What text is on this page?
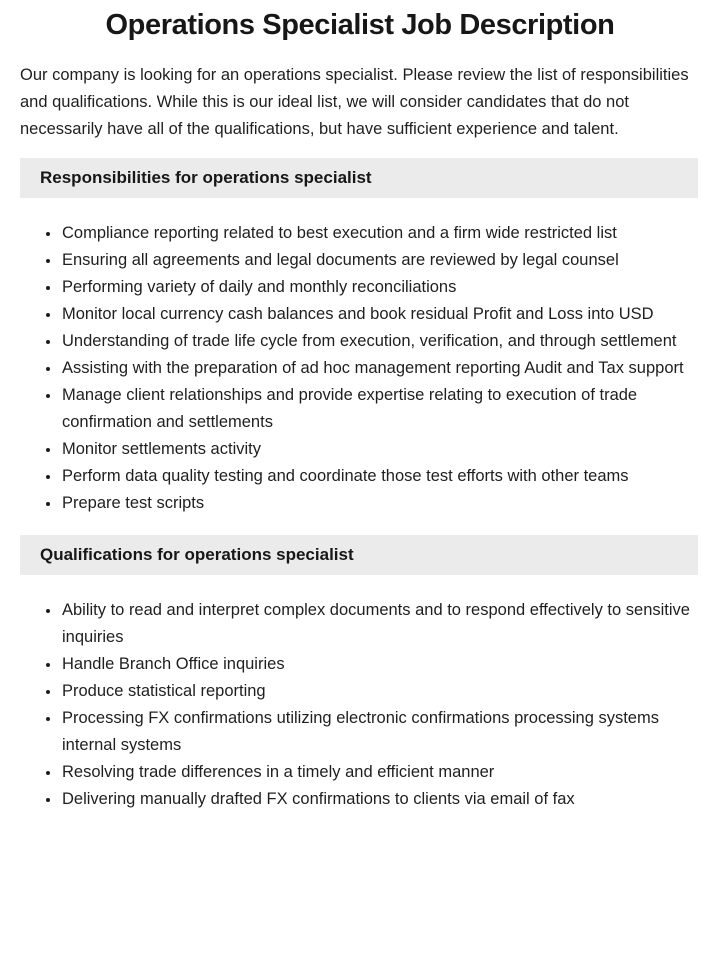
Operations Specialist Job Description

Our company is looking for an operations specialist. Please review the list of responsibilities and qualifications. While this is our ideal list, we will consider candidates that do not necessarily have all of the qualifications, but have sufficient experience and talent.

Responsibilities for operations specialist
• Compliance reporting related to best execution and a firm wide restricted list
• Ensuring all agreements and legal documents are reviewed by legal counsel
• Performing variety of daily and monthly reconciliations
• Monitor local currency cash balances and book residual Profit and Loss into USD
• Understanding of trade life cycle from execution, verification, and through settlement
• Assisting with the preparation of ad hoc management reporting Audit and Tax support
• Manage client relationships and provide expertise relating to execution of trade confirmation and settlements
• Monitor settlements activity
• Perform data quality testing and coordinate those test efforts with other teams
• Prepare test scripts
Qualifications for operations specialist
• Ability to read and interpret complex documents and to respond effectively to sensitive inquiries
• Handle Branch Office inquiries
• Produce statistical reporting
• Processing FX confirmations utilizing electronic confirmations processing systems internal systems
• Resolving trade differences in a timely and efficient manner
• Delivering manually drafted FX confirmations to clients via email of fax
